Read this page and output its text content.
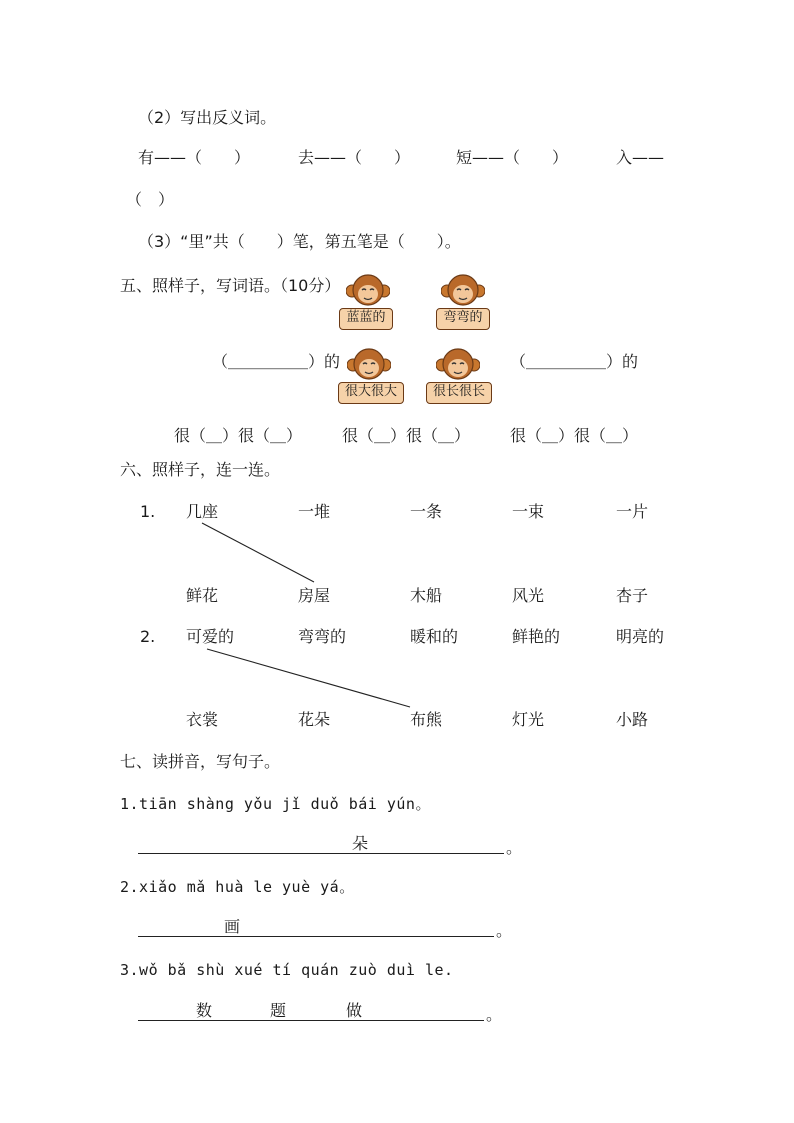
（2）写出反义词。
有——（　　）	去——（　　）	短——（　　）	入——
（　）
（3）“里”共（　　）笔，第五笔是（　　）。
五、照样子，写词语。（10分）
蓝蓝的	弯弯的
（＿＿＿＿＿）的
很大很大	很长很长
（＿＿＿＿＿）的
很（＿）很（＿） 很（＿）很（＿） 很（＿）很（＿）
六、照样子，连一连。
1. 几座	一堆	一条	一束	一片
鲜花	房屋	木船	风光	杏子
2. 可爱的	弯弯的	暖和的	鲜艳的	明亮的
衣裳	花朵	布熊	灯光	小路
七、读拼音，写句子。
1.tiān shàng yǒu jǐ duǒ bái yún。
朵	。
2.xiǎo mǎ huà le yuè yá。
画	。
3.wǒ bǎ shù xué tí quán zuò duì le.
数	题	做	。
